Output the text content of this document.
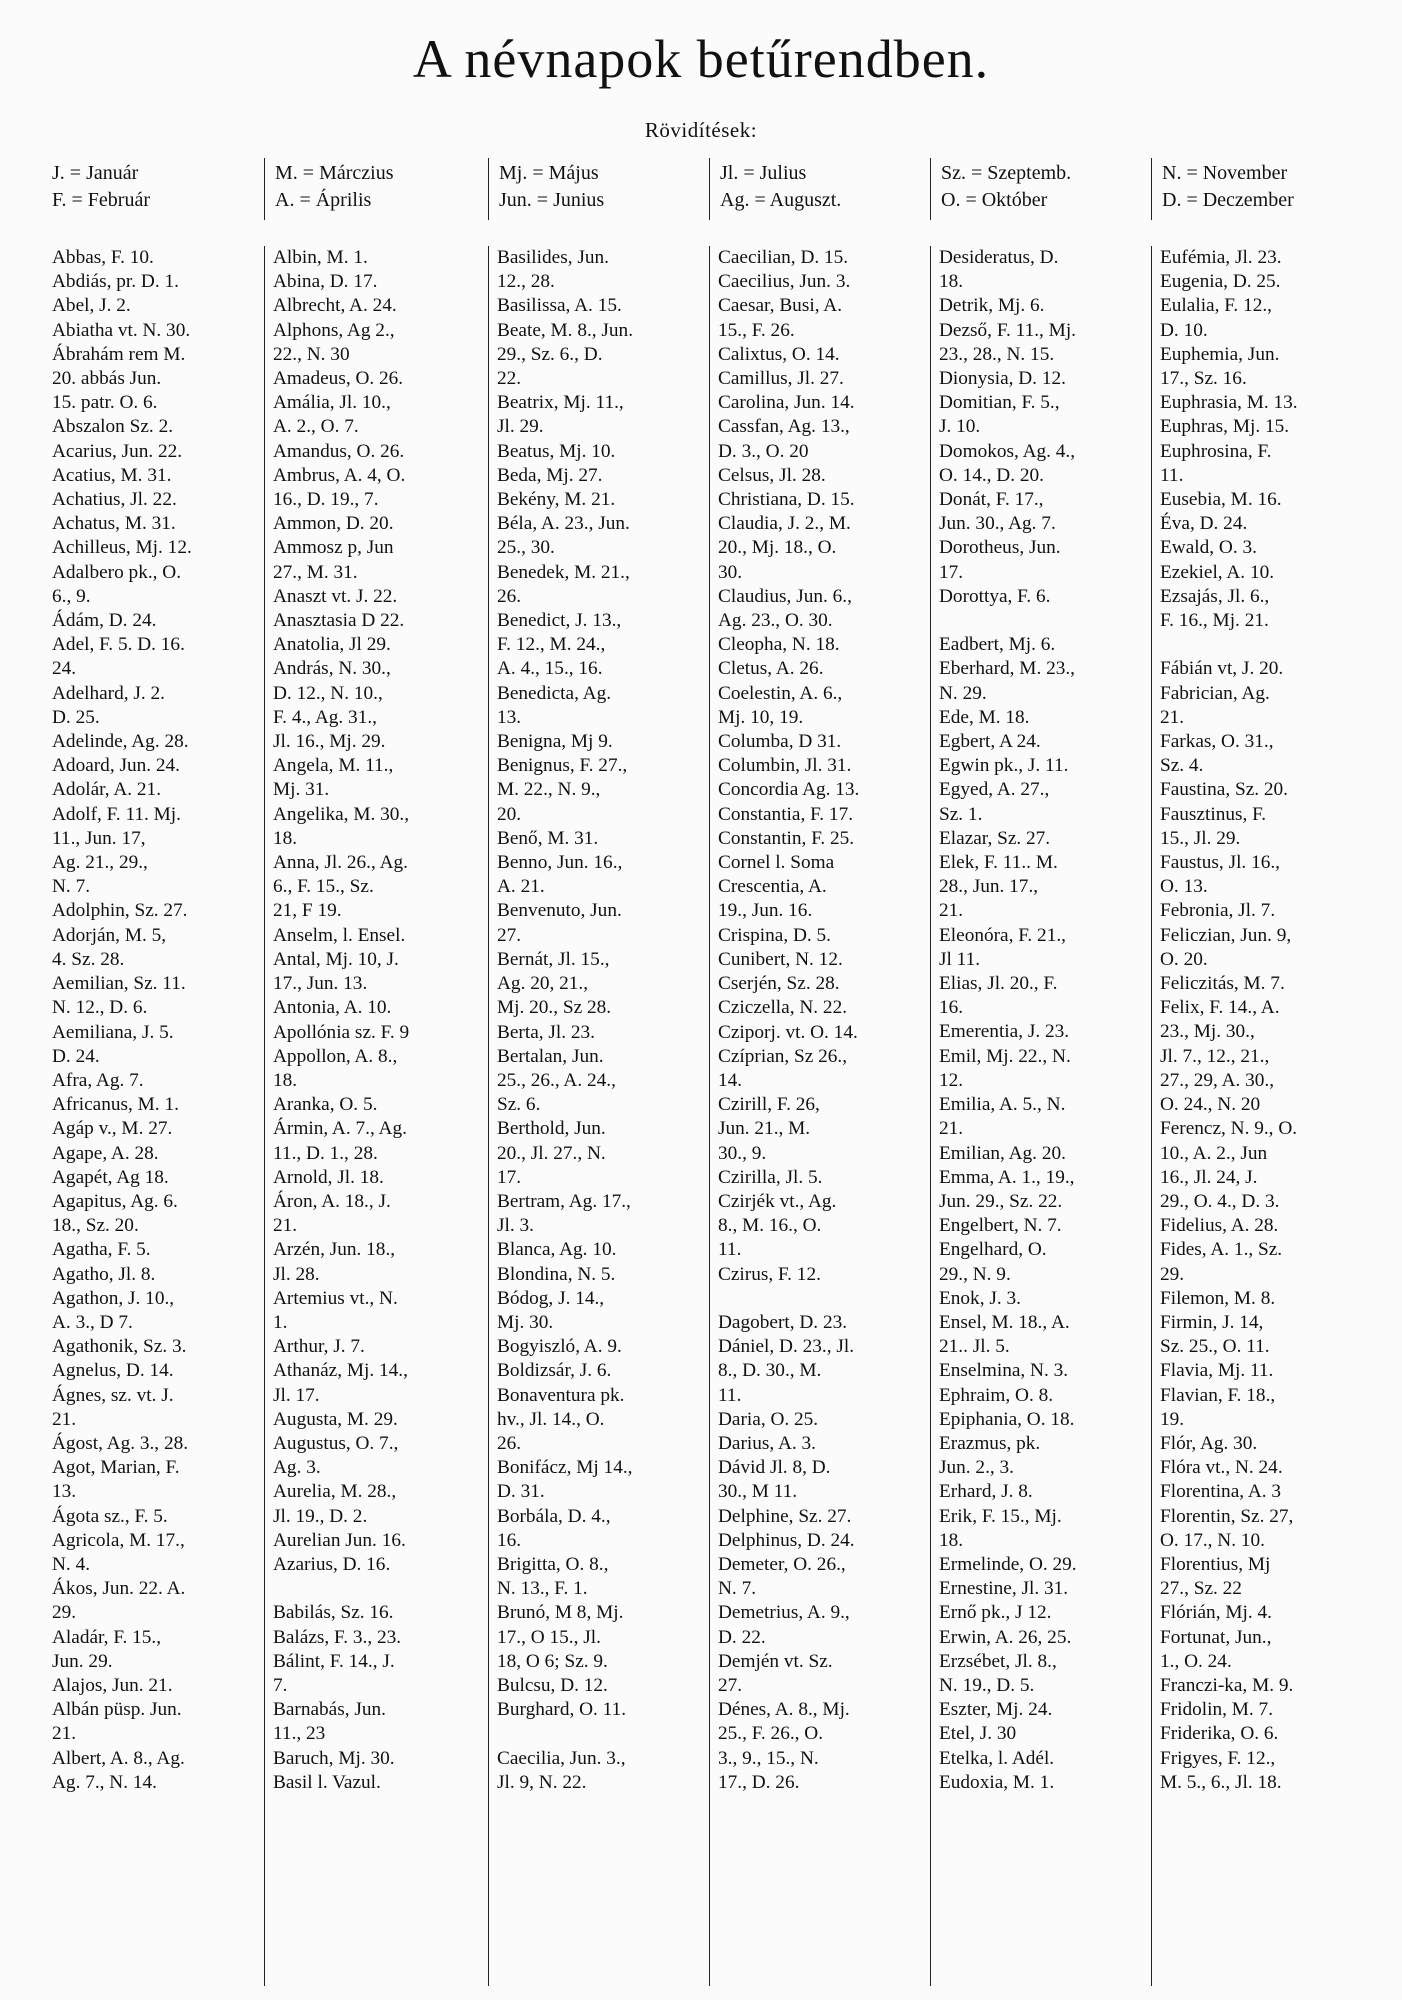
A névnapok betűrendben.
Rövidítések:
J. = Január
F. = Február
M. = Márczius
A. = Április
Mj. = Május
Jun. = Junius
Jl. = Julius
Ag. = Auguszt.
Sz. = Szeptemb.
O. = Október
N. = November
D. = Deczember
Abbas, F. 10.
Abdiás, pr. D. 1.
Abel, J. 2.
Abiatha vt. N. 30.
Ábrahám rem M.
20. abbás Jun.
15. patr. O. 6.
Abszalon Sz. 2.
Acarius, Jun. 22.
Acatius, M. 31.
Achatius, Jl. 22.
Achatus, M. 31.
Achilleus, Mj. 12.
Adalbero pk., O.
6., 9.
Ádám, D. 24.
Adel, F. 5. D. 16.
24.
Adelhard, J. 2.
D. 25.
Adelinde, Ag. 28.
Adoard, Jun. 24.
Adolár, A. 21.
Adolf, F. 11. Mj.
11., Jun. 17,
Ag. 21., 29.,
N. 7.
Adolphin, Sz. 27.
Adorján, M. 5,
4. Sz. 28.
Aemilian, Sz. 11.
N. 12., D. 6.
Aemiliana, J. 5.
D. 24.
Afra, Ag. 7.
Africanus, M. 1.
Agáp v., M. 27.
Agape, A. 28.
Agapét, Ag 18.
Agapitus, Ag. 6.
18., Sz. 20.
Agatha, F. 5.
Agatho, Jl. 8.
Agathon, J. 10.,
A. 3., D 7.
Agathonik, Sz. 3.
Agnelus, D. 14.
Ágnes, sz. vt. J.
21.
Ágost, Ag. 3., 28.
Agot, Marian, F.
13.
Ágota sz., F. 5.
Agricola, M. 17.,
N. 4.
Ákos, Jun. 22. A.
29.
Aladár, F. 15.,
Jun. 29.
Alajos, Jun. 21.
Albán püsp. Jun.
21.
Albert, A. 8., Ag.
Ag. 7., N. 14.
Albin, M. 1.
Abina, D. 17.
Albrecht, A. 24.
Alphons, Ag 2.,
22., N. 30
Amadeus, O. 26.
Amália, Jl. 10.,
A. 2., O. 7.
Amandus, O. 26.
Ambrus, A. 4, O.
16., D. 19., 7.
Ammon, D. 20.
Ammosz p, Jun
27., M. 31.
Anaszt vt. J. 22.
Anasztasia D 22.
Anatolia, Jl 29.
András, N. 30.,
D. 12., N. 10.,
F. 4., Ag. 31.,
Jl. 16., Mj. 29.
Angela, M. 11.,
Mj. 31.
Angelika, M. 30.,
18.
Anna, Jl. 26., Ag.
6., F. 15., Sz.
21, F 19.
Anselm, l. Ensel.
Antal, Mj. 10, J.
17., Jun. 13.
Antonia, A. 10.
Apollónia sz. F. 9
Appollon, A. 8.,
18.
Aranka, O. 5.
Ármin, A. 7., Ag.
11., D. 1., 28.
Arnold, Jl. 18.
Áron, A. 18., J.
21.
Arzén, Jun. 18.,
Jl. 28.
Artemius vt., N.
1.
Arthur, J. 7.
Athanáz, Mj. 14.,
Jl. 17.
Augusta, M. 29.
Augustus, O. 7.,
Ag. 3.
Aurelia, M. 28.,
Jl. 19., D. 2.
Aurelian Jun. 16.
Azarius, D. 16.
Babilás, Sz. 16.
Balázs, F. 3., 23.
Bálint, F. 14., J.
7.
Barnabás, Jun.
11., 23
Baruch, Mj. 30.
Basil l. Vazul.
Basilides, Jun.
12., 28.
Basilissa, A. 15.
Beate, M. 8., Jun.
29., Sz. 6., D.
22.
Beatrix, Mj. 11.,
Jl. 29.
Beatus, Mj. 10.
Beda, Mj. 27.
Bekény, M. 21.
Béla, A. 23., Jun.
25., 30.
Benedek, M. 21.,
26.
Benedict, J. 13.,
F. 12., M. 24.,
A. 4., 15., 16.
Benedicta, Ag.
13.
Benigna, Mj 9.
Benignus, F. 27.,
M. 22., N. 9.,
20.
Benő, M. 31.
Benno, Jun. 16.,
A. 21.
Benvenuto, Jun.
27.
Bernát, Jl. 15.,
Ag. 20, 21.,
Mj. 20., Sz 28.
Berta, Jl. 23.
Bertalan, Jun.
25., 26., A. 24.,
Sz. 6.
Berthold, Jun.
20., Jl. 27., N.
17.
Bertram, Ag. 17.,
Jl. 3.
Blanca, Ag. 10.
Blondina, N. 5.
Bódog, J. 14.,
Mj. 30.
Bogyiszló, A. 9.
Boldizsár, J. 6.
Bonaventura pk.
hv., Jl. 14., O.
26.
Bonifácz, Mj 14.,
D. 31.
Borbála, D. 4.,
16.
Brigitta, O. 8.,
N. 13., F. 1.
Brunó, M 8, Mj.
17., O 15., Jl.
18, O 6; Sz. 9.
Bulcsu, D. 12.
Burghard, O. 11.
Caecilia, Jun. 3.,
Jl. 9, N. 22.
Caecilian, D. 15.
Caecilius, Jun. 3.
Caesar, Busi, A.
15., F. 26.
Calixtus, O. 14.
Camillus, Jl. 27.
Carolina, Jun. 14.
Cassfan, Ag. 13.,
D. 3., O. 20
Celsus, Jl. 28.
Christiana, D. 15.
Claudia, J. 2., M.
20., Mj. 18., O.
30.
Claudius, Jun. 6.,
Ag. 23., O. 30.
Cleopha, N. 18.
Cletus, A. 26.
Coelestin, A. 6.,
Mj. 10, 19.
Columba, D 31.
Columbin, Jl. 31.
Concordia Ag. 13.
Constantia, F. 17.
Constantin, F. 25.
Cornel l. Soma
Crescentia, A.
19., Jun. 16.
Crispina, D. 5.
Cunibert, N. 12.
Cserjén, Sz. 28.
Cziczella, N. 22.
Cziporj. vt. O. 14.
Czíprian, Sz 26.,
14.
Czirill, F. 26,
Jun. 21., M.
30., 9.
Czirilla, Jl. 5.
Czirjék vt., Ag.
8., M. 16., O.
11.
Czirus, F. 12.
Dagobert, D. 23.
Dániel, D. 23., Jl.
8., D. 30., M.
11.
Daria, O. 25.
Darius, A. 3.
Dávid Jl. 8, D.
30., M 11.
Delphine, Sz. 27.
Delphinus, D. 24.
Demeter, O. 26.,
N. 7.
Demetrius, A. 9.,
D. 22.
Demjén vt. Sz.
27.
Dénes, A. 8., Mj.
25., F. 26., O.
3., 9., 15., N.
17., D. 26.
Desideratus, D.
18.
Detrik, Mj. 6.
Dezső, F. 11., Mj.
23., 28., N. 15.
Dionysia, D. 12.
Domitian, F. 5.,
J. 10.
Domokos, Ag. 4.,
O. 14., D. 20.
Donát, F. 17.,
Jun. 30., Ag. 7.
Dorotheus, Jun.
17.
Dorottya, F. 6.
Eadbert, Mj. 6.
Eberhard, M. 23.,
N. 29.
Ede, M. 18.
Egbert, A 24.
Egwin pk., J. 11.
Egyed, A. 27.,
Sz. 1.
Elazar, Sz. 27.
Elek, F. 11.. M.
28., Jun. 17.,
21.
Eleonóra, F. 21.,
Jl 11.
Elias, Jl. 20., F.
16.
Emerentia, J. 23.
Emil, Mj. 22., N.
12.
Emilia, A. 5., N.
21.
Emilian, Ag. 20.
Emma, A. 1., 19.,
Jun. 29., Sz. 22.
Engelbert, N. 7.
Engelhard, O.
29., N. 9.
Enok, J. 3.
Ensel, M. 18., A.
21.. Jl. 5.
Enselmina, N. 3.
Ephraim, O. 8.
Epiphania, O. 18.
Erazmus, pk.
Jun. 2., 3.
Erhard, J. 8.
Erik, F. 15., Mj.
18.
Ermelinde, O. 29.
Ernestine, Jl. 31.
Ernő pk., J 12.
Erwin, A. 26, 25.
Erzsébet, Jl. 8.,
N. 19., D. 5.
Eszter, Mj. 24.
Etel, J. 30
Etelka, l. Adél.
Eudoxia, M. 1.
Eufémia, Jl. 23.
Eugenia, D. 25.
Eulalia, F. 12.,
D. 10.
Euphemia, Jun.
17., Sz. 16.
Euphrasia, M. 13.
Euphras, Mj. 15.
Euphrosina, F.
11.
Eusebia, M. 16.
Éva, D. 24.
Ewald, O. 3.
Ezekiel, A. 10.
Ezsajás, Jl. 6.,
F. 16., Mj. 21.
Fábián vt, J. 20.
Fabrician, Ag.
21.
Farkas, O. 31.,
Sz. 4.
Faustina, Sz. 20.
Fausztinus, F.
15., Jl. 29.
Faustus, Jl. 16.,
O. 13.
Febronia, Jl. 7.
Feliczian, Jun. 9,
O. 20.
Feliczitás, M. 7.
Felix, F. 14., A.
23., Mj. 30.,
Jl. 7., 12., 21.,
27., 29, A. 30.,
O. 24., N. 20
Ferencz, N. 9., O.
10., A. 2., Jun
16., Jl. 24, J.
29., O. 4., D. 3.
Fidelius, A. 28.
Fides, A. 1., Sz.
29.
Filemon, M. 8.
Firmin, J. 14,
Sz. 25., O. 11.
Flavia, Mj. 11.
Flavian, F. 18.,
19.
Flór, Ag. 30.
Flóra vt., N. 24.
Florentina, A. 3
Florentin, Sz. 27,
O. 17., N. 10.
Florentius, Mj
27., Sz. 22
Flórián, Mj. 4.
Fortunat, Jun.,
1., O. 24.
Franczi-ka, M. 9.
Fridolin, M. 7.
Friderika, O. 6.
Frigyes, F. 12.,
M. 5., 6., Jl. 18.
